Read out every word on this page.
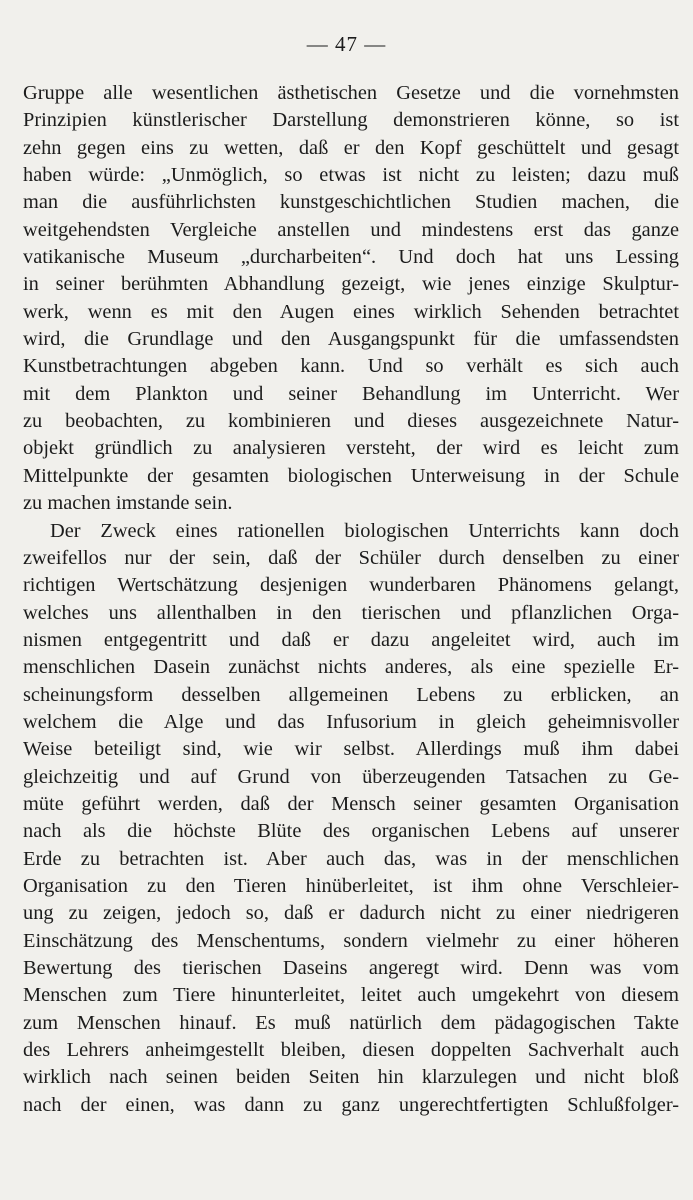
— 47 —
Gruppe alle wesentlichen ästhetischen Gesetze und die vornehmsten
Prinzipien künstlerischer Darstellung demonstrieren könne, so ist
zehn gegen eins zu wetten, daß er den Kopf geschüttelt und gesagt
haben würde: „Unmöglich, so etwas ist nicht zu leisten; dazu muß
man die ausführlichsten kunstgeschichtlichen Studien machen, die
weitgehendsten Vergleiche anstellen und mindestens erst das ganze
vatikanische Museum „durcharbeiten“. Und doch hat uns Lessing
in seiner berühmten Abhandlung gezeigt, wie jenes einzige Skulptur-
werk, wenn es mit den Augen eines wirklich Sehenden betrachtet
wird, die Grundlage und den Ausgangspunkt für die umfassendsten
Kunstbetrachtungen abgeben kann. Und so verhält es sich auch
mit dem Plankton und seiner Behandlung im Unterricht. Wer
zu beobachten, zu kombinieren und dieses ausgezeichnete Natur-
objekt gründlich zu analysieren versteht, der wird es leicht zum
Mittelpunkte der gesamten biologischen Unterweisung in der Schule
zu machen imstande sein.
Der Zweck eines rationellen biologischen Unterrichts kann doch
zweifellos nur der sein, daß der Schüler durch denselben zu einer
richtigen Wertschätzung desjenigen wunderbaren Phänomens gelangt,
welches uns allenthalben in den tierischen und pflanzlichen Orga-
nismen entgegentritt und daß er dazu angeleitet wird, auch im
menschlichen Dasein zunächst nichts anderes, als eine spezielle Er-
scheinungsform desselben allgemeinen Lebens zu erblicken, an
welchem die Alge und das Infusorium in gleich geheimnisvoller
Weise beteiligt sind, wie wir selbst. Allerdings muß ihm dabei
gleichzeitig und auf Grund von überzeugenden Tatsachen zu Ge-
müte geführt werden, daß der Mensch seiner gesamten Organisation
nach als die höchste Blüte des organischen Lebens auf unserer
Erde zu betrachten ist. Aber auch das, was in der menschlichen
Organisation zu den Tieren hinüberleitet, ist ihm ohne Verschleier-
ung zu zeigen, jedoch so, daß er dadurch nicht zu einer niedrigeren
Einschätzung des Menschentums, sondern vielmehr zu einer höheren
Bewertung des tierischen Daseins angeregt wird. Denn was vom
Menschen zum Tiere hinunterleitet, leitet auch umgekehrt von diesem
zum Menschen hinauf. Es muß natürlich dem pädagogischen Takte
des Lehrers anheimgestellt bleiben, diesen doppelten Sachverhalt auch
wirklich nach seinen beiden Seiten hin klarzulegen und nicht bloß
nach der einen, was dann zu ganz ungerechtfertigten Schlußfolger-
